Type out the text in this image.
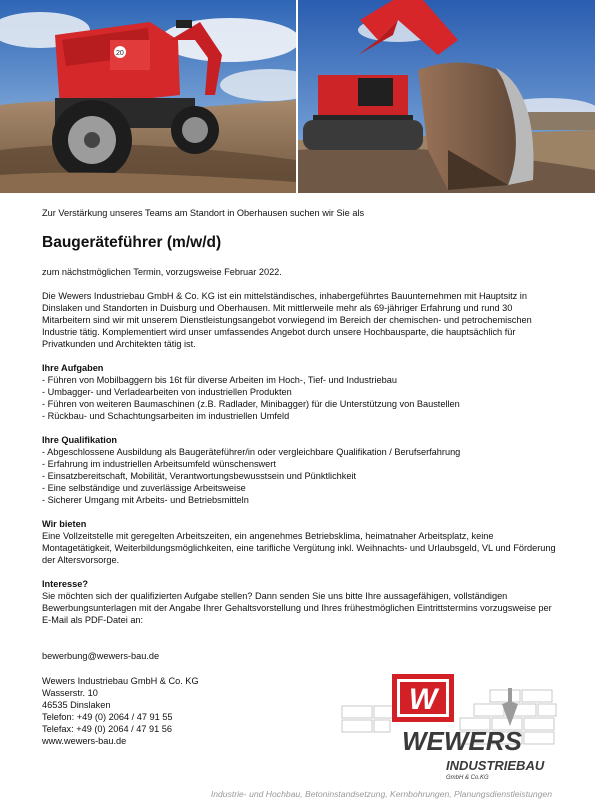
20

Zur Verstärkung unseres Teams am Standort in Oberhausen suchen wir Sie als

Baugeräteführer (m/w/d)

zum nächstmöglichen Termin, vorzugsweise Februar 2022.

Die Wewers Industriebau GmbH & Co. KG ist ein mittelständisches, inhabergeführtes Bauunternehmen mit Hauptsitz in Dinslaken und Standorten in Duisburg und Oberhausen. Mit mittlerweile mehr als 69-jähriger Erfahrung und rund 30 Mitarbeitern sind wir mit unserem Dienstleistungsangebot vorwiegend im Bereich der chemischen- und petrochemischen Industrie tätig. Komplementiert wird unser umfassendes Angebot durch unsere Hochbausparte, die hauptsächlich für Privatkunden und Architekten tätig ist.

Ihre Aufgaben
- Führen von Mobilbaggern bis 16t für diverse Arbeiten im Hoch-, Tief- und Industriebau
- Umbagger- und Verladearbeiten von industriellen Produkten
- Führen von weiteren Baumaschinen (z.B. Radlader, Minibagger) für die Unterstützung von Baustellen
- Rückbau- und Schachtungsarbeiten im industriellen Umfeld
Ihre Qualifikation
- Abgeschlossene Ausbildung als Baugeräteführer/in oder vergleichbare Qualifikation / Berufserfahrung
- Erfahrung im industriellen Arbeitsumfeld wünschenswert
- Einsatzbereitschaft, Mobilität, Verantwortungsbewusstsein und Pünktlichkeit
- Eine selbständige und zuverlässige Arbeitsweise
- Sicherer Umgang mit Arbeits- und Betriebsmitteln
Wir bieten

Eine Vollzeitstelle mit geregelten Arbeitszeiten, ein angenehmes Betriebsklima, heimatnaher Arbeitsplatz, keine Montagetätigkeit, Weiterbildungsmöglichkeiten, eine tarifliche Vergütung inkl. Weihnachts- und Urlaubsgeld, VL und Förderung der Altersvorsorge.

Interesse?

Sie möchten sich der qualifizierten Aufgabe stellen? Dann senden Sie uns bitte Ihre aussagefähigen, vollständigen Bewerbungsunterlagen mit der Angabe Ihrer Gehaltsvorstellung und Ihres frühestmöglichen Eintrittstermins vorzugsweise per E-Mail als PDF-Datei an:

bewerbung@wewers-bau.de

Wewers Industriebau GmbH & Co. KG
Wasserstr. 10
46535 Dinslaken
Telefon: +49 (0) 2064 / 47 91 55
Telefax: +49 (0) 2064 / 47 91 56
www.wewers-bau.de
W
WEWERS
INDUSTRIEBAU
GmbH & Co.KG
Industrie- und Hochbau, Betoninstandsetzung, Kernbohrungen, Planungsdienstleistungen
